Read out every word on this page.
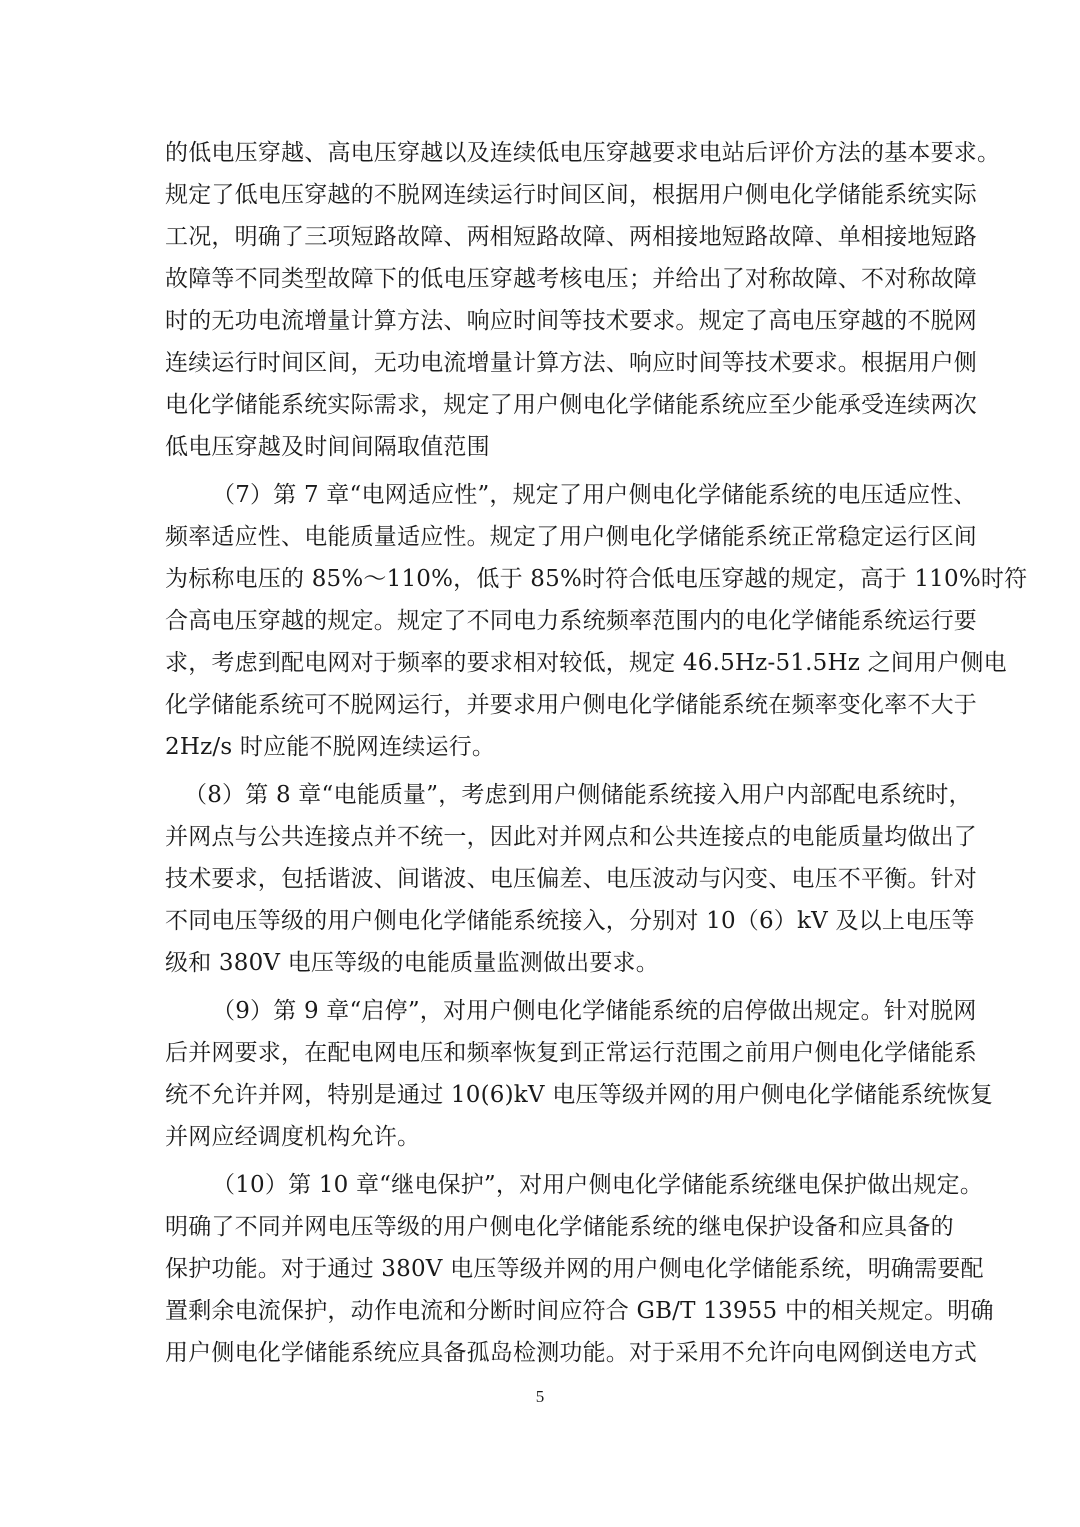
的低电压穿越、高电压穿越以及连续低电压穿越要求电站后评价方法的基本要求。
规定了低电压穿越的不脱网连续运行时间区间，根据用户侧电化学储能系统实际
工况，明确了三项短路故障、两相短路故障、两相接地短路故障、单相接地短路
故障等不同类型故障下的低电压穿越考核电压；并给出了对称故障、不对称故障
时的无功电流增量计算方法、响应时间等技术要求。规定了高电压穿越的不脱网
连续运行时间区间，无功电流增量计算方法、响应时间等技术要求。根据用户侧
电化学储能系统实际需求，规定了用户侧电化学储能系统应至少能承受连续两次
低电压穿越及时间间隔取值范围
（7）第 7 章“电网适应性”，规定了用户侧电化学储能系统的电压适应性、
频率适应性、电能质量适应性。规定了用户侧电化学储能系统正常稳定运行区间
为标称电压的 85%～110%，低于 85%时符合低电压穿越的规定，高于 110%时符
合高电压穿越的规定。规定了不同电力系统频率范围内的电化学储能系统运行要
求，考虑到配电网对于频率的要求相对较低，规定 46.5Hz-51.5Hz 之间用户侧电
化学储能系统可不脱网运行，并要求用户侧电化学储能系统在频率变化率不大于
2Hz/s 时应能不脱网连续运行。
（8）第 8 章“电能质量”，考虑到用户侧储能系统接入用户内部配电系统时，
并网点与公共连接点并不统一，因此对并网点和公共连接点的电能质量均做出了
技术要求，包括谐波、间谐波、电压偏差、电压波动与闪变、电压不平衡。针对
不同电压等级的用户侧电化学储能系统接入，分别对 10（6）kV 及以上电压等
级和 380V 电压等级的电能质量监测做出要求。
（9）第 9 章“启停”，对用户侧电化学储能系统的启停做出规定。针对脱网
后并网要求，在配电网电压和频率恢复到正常运行范围之前用户侧电化学储能系
统不允许并网，特别是通过 10(6)kV 电压等级并网的用户侧电化学储能系统恢复
并网应经调度机构允许。
（10）第 10 章“继电保护”，对用户侧电化学储能系统继电保护做出规定。
明确了不同并网电压等级的用户侧电化学储能系统的继电保护设备和应具备的
保护功能。对于通过 380V 电压等级并网的用户侧电化学储能系统，明确需要配
置剩余电流保护，动作电流和分断时间应符合 GB/T 13955 中的相关规定。明确
用户侧电化学储能系统应具备孤岛检测功能。对于采用不允许向电网倒送电方式
5
